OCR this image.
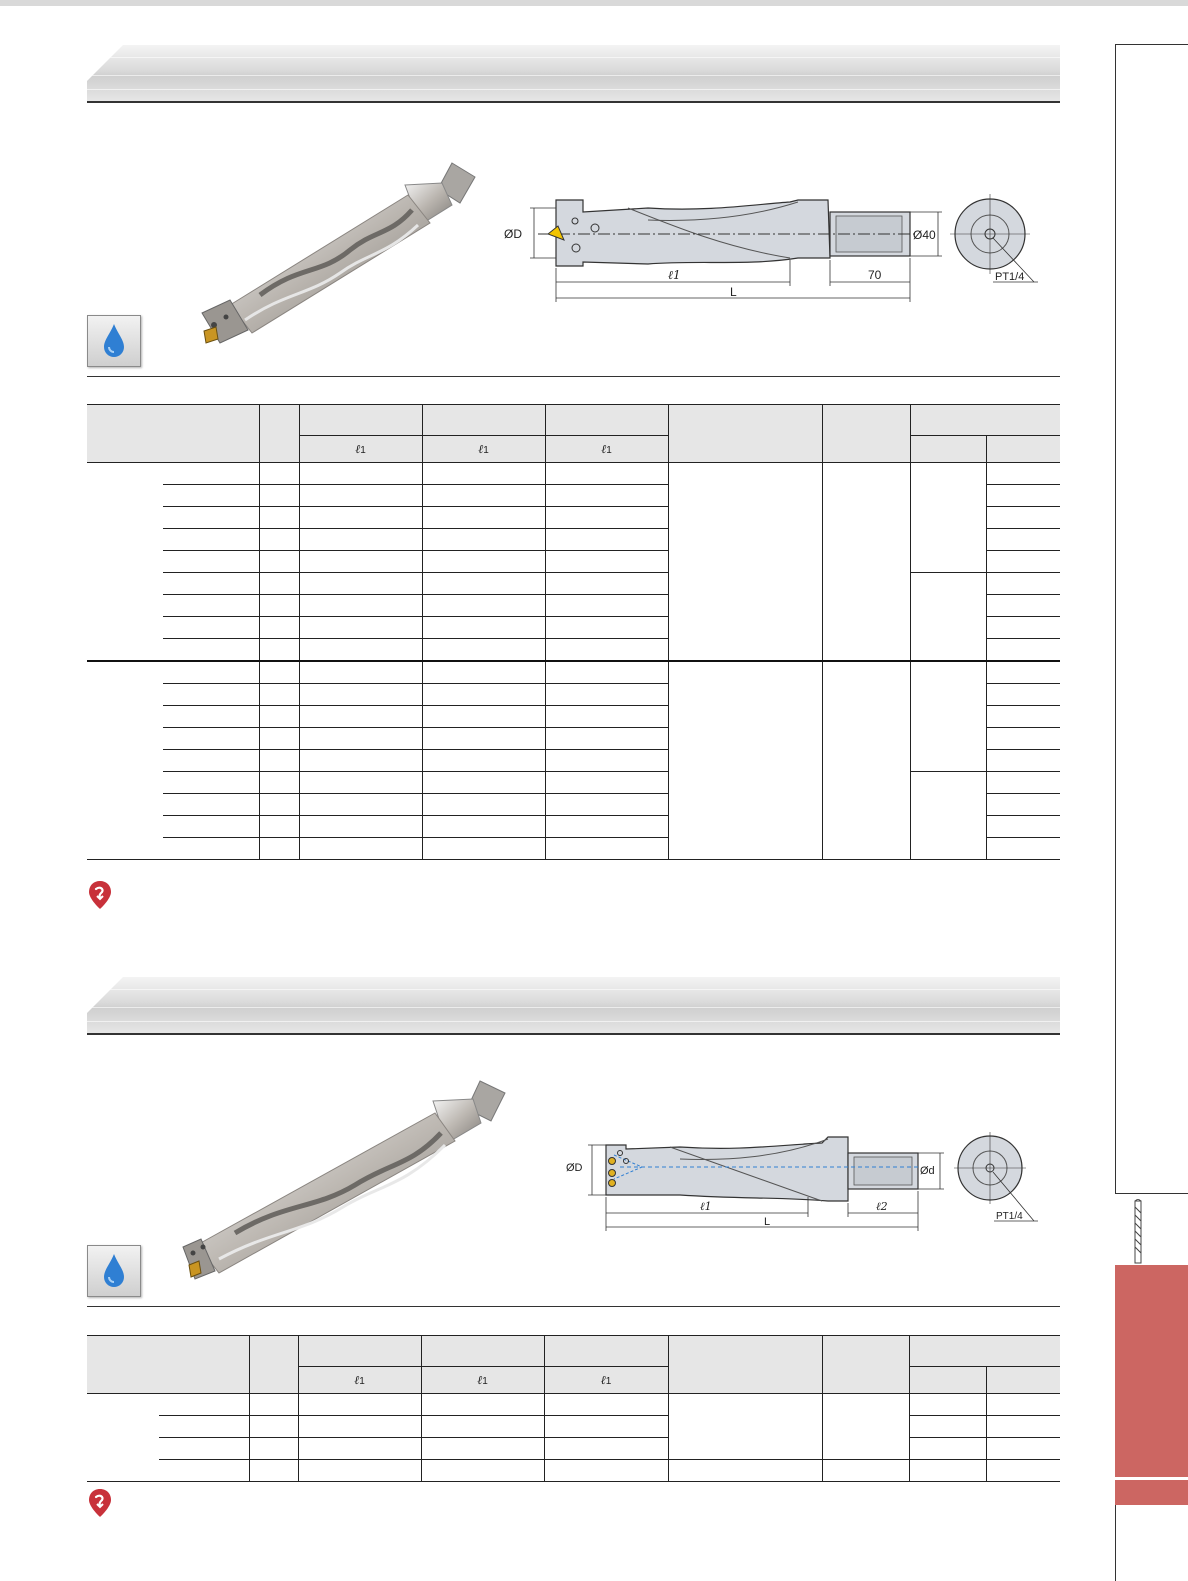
ØD	Ø40
ℓ1	70
L
PT1/4

			ℓ1	ℓ1	ℓ1				

ØD	Ød
ℓ1	ℓ2
L	PT1/4

			ℓ1	ℓ1	ℓ1				
